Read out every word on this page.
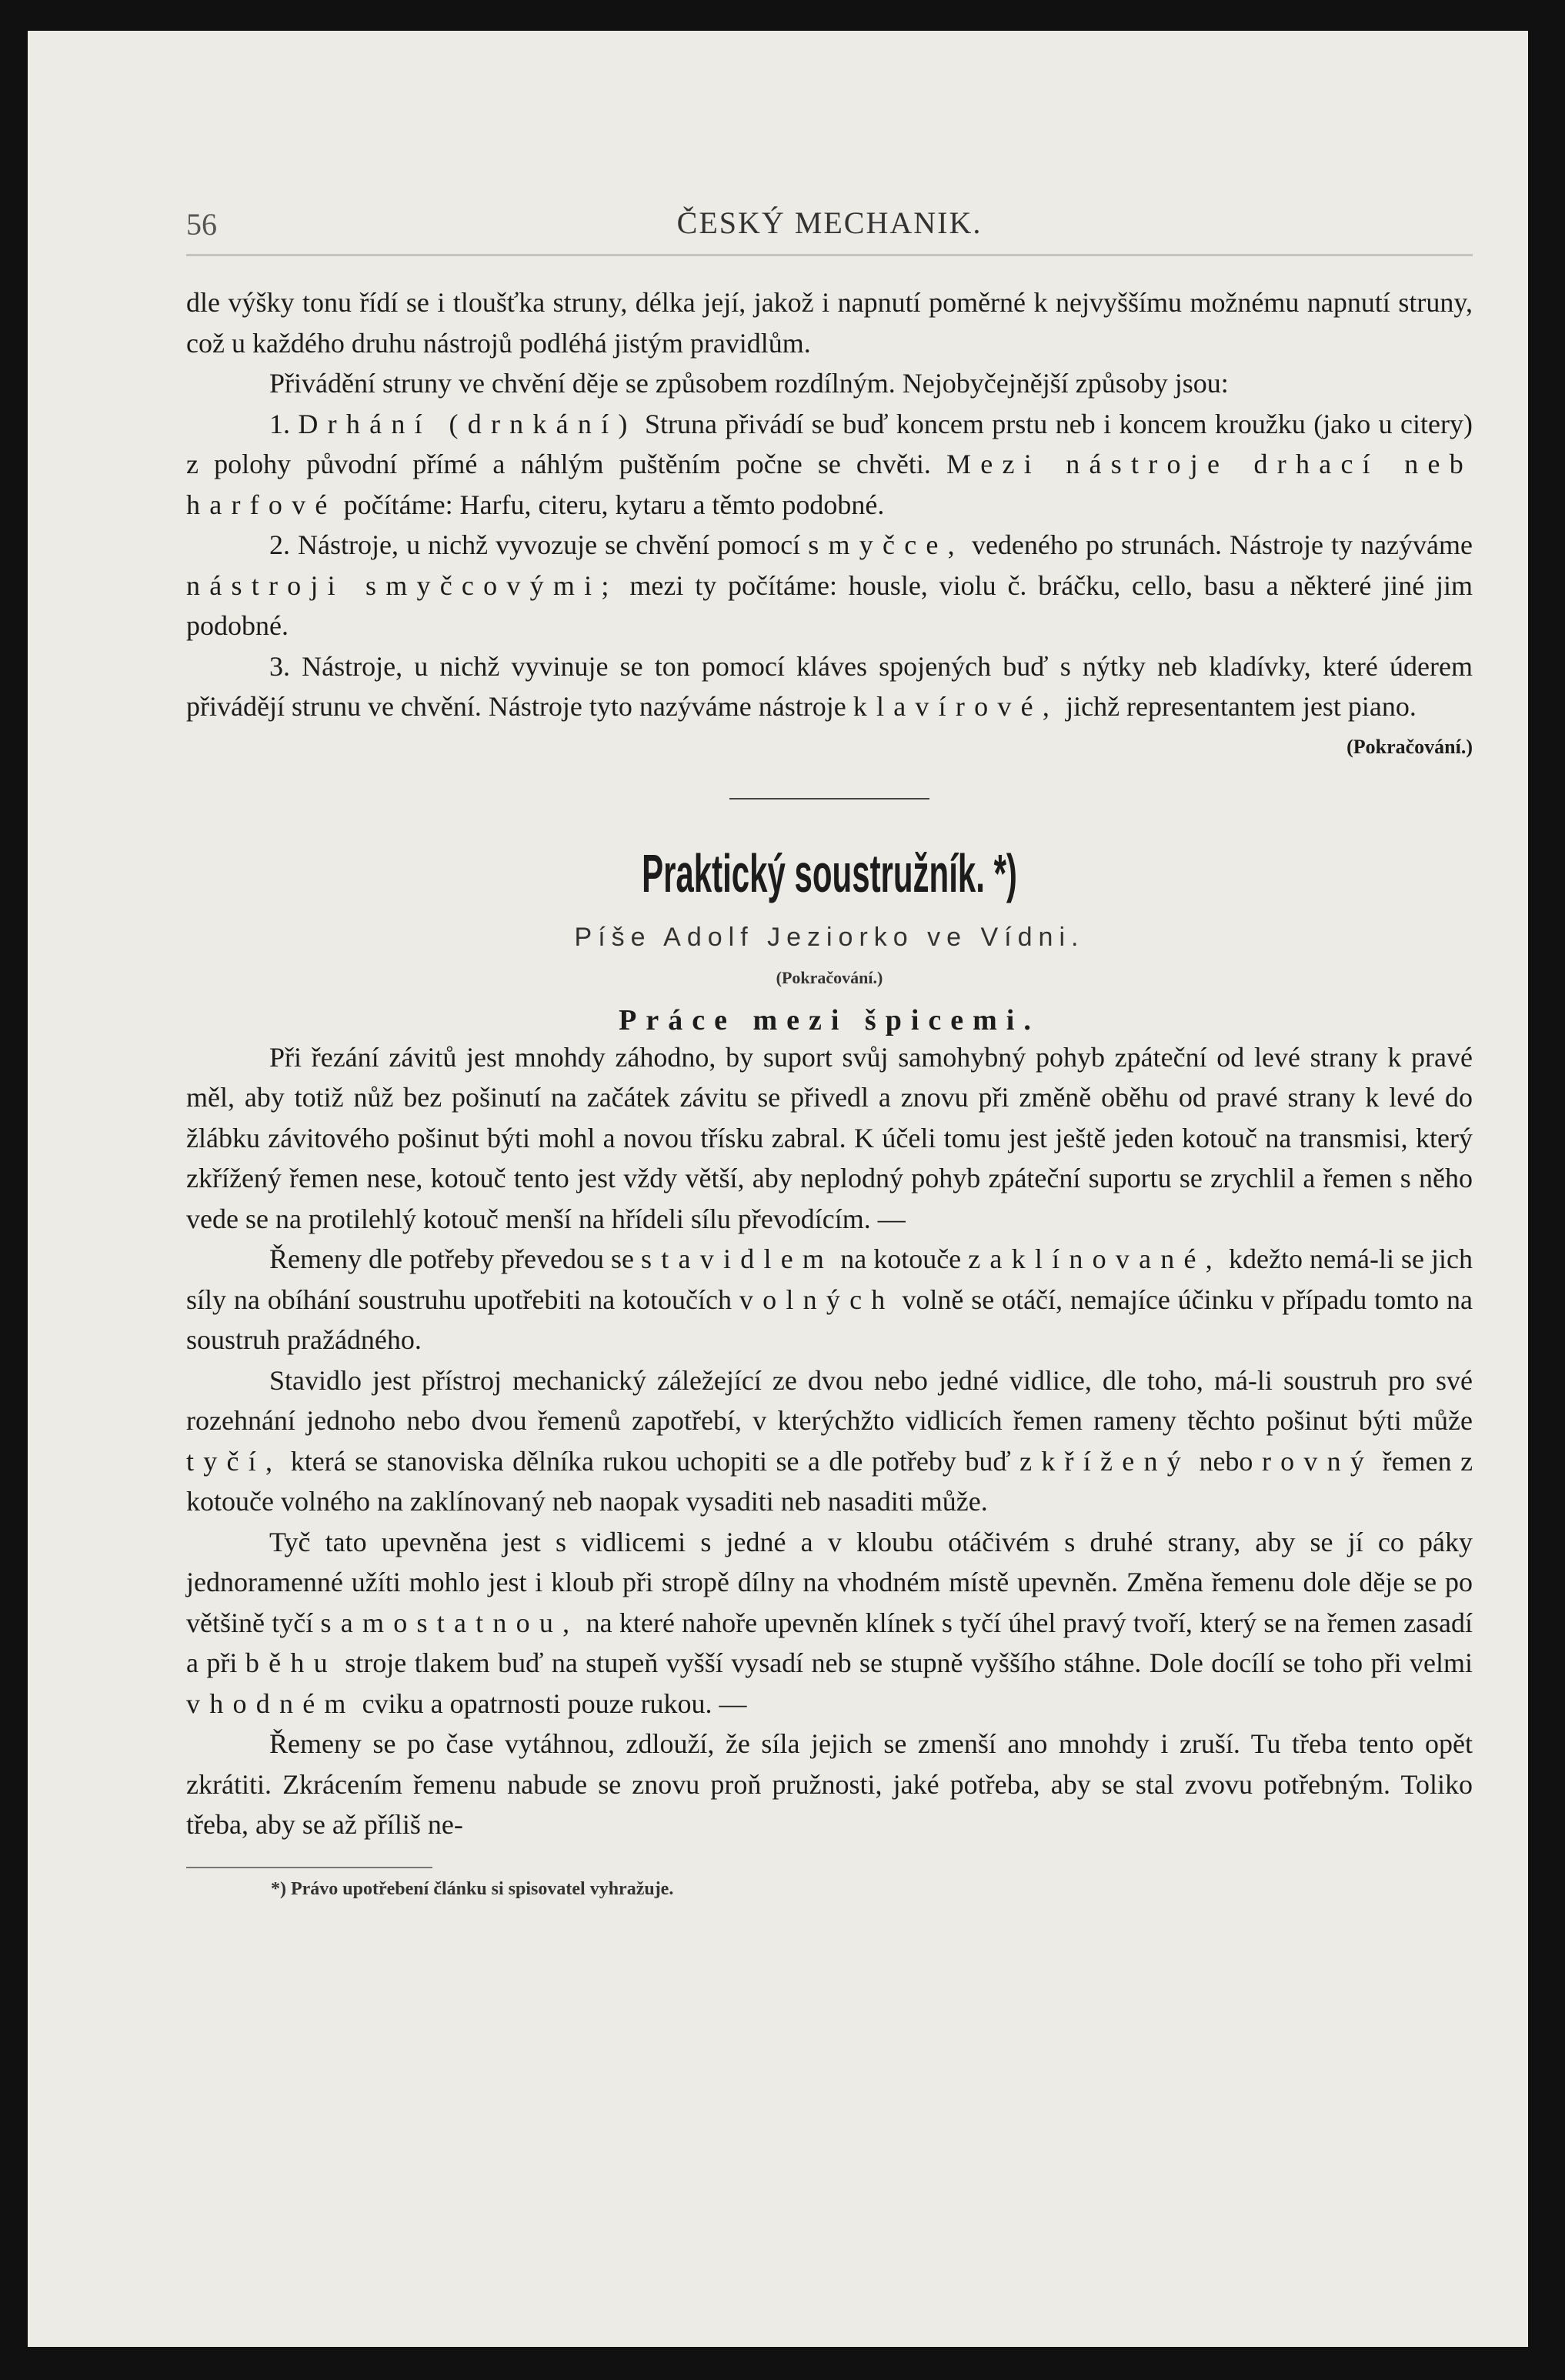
56	ČESKÝ MECHANIK.

dle výšky tonu řídí se i tloušťka struny, délka její, jakož i napnutí poměrné k nejvyššímu možnému napnutí struny, což u každého druhu nástrojů podléhá jistým pravidlům.

Přivádění struny ve chvění děje se způsobem rozdílným. Nejobyčejnější způsoby jsou:

1. Drhání (drnkání) Struna přivádí se buď koncem prstu neb i koncem kroužku (jako u citery) z polohy původní přímé a náhlým puštěním počne se chvěti. Mezi nástroje drhací neb harfové počítáme: Harfu, citeru, kytaru a těmto podobné.

2. Nástroje, u nichž vyvozuje se chvění pomocí smyčce, vedeného po strunách. Nástroje ty nazýváme nástroji smyčcovými; mezi ty počítáme: housle, violu č. bráčku, cello, basu a některé jiné jim podobné.

3. Nástroje, u nichž vyvinuje se ton pomocí kláves spojených buď s nýtky neb kladívky, které úderem přivádějí strunu ve chvění. Nástroje tyto nazýváme nástroje klavírové, jichž representantem jest piano.
(Pokračování.)

Praktický soustružník. *)
Píše Adolf Jeziorko ve Vídni.
(Pokračování.)
Práce mezi špicemi.

Při řezání závitů jest mnohdy záhodno, by suport svůj samohybný pohyb zpáteční od levé strany k pravé měl, aby totiž nůž bez pošinutí na začátek závitu se přivedl a znovu při změně oběhu od pravé strany k levé do žlábku závitového pošinut býti mohl a novou třísku zabral. K účeli tomu jest ještě jeden kotouč na transmisi, který zkřížený řemen nese, kotouč tento jest vždy větší, aby neplodný pohyb zpáteční suportu se zrychlil a řemen s něho vede se na protilehlý kotouč menší na hřídeli sílu převodícím. —

Řemeny dle potřeby převedou se stavidlem na kotouče zaklínované, kdežto nemá-li se jich síly na obíhání soustruhu upotřebiti na kotoučích volných volně se otáčí, nemajíce účinku v případu tomto na soustruh pražádného.

Stavidlo jest přístroj mechanický záležející ze dvou nebo jedné vidlice, dle toho, má-li soustruh pro své rozehnání jednoho nebo dvou řemenů zapotřebí, v kterýchžto vidlicích řemen rameny těchto pošinut býti může tyčí, která se stanoviska dělníka rukou uchopiti se a dle potřeby buď zkřížený nebo rovný řemen z kotouče volného na zaklínovaný neb naopak vysaditi neb nasaditi může.

Tyč tato upevněna jest s vidlicemi s jedné a v kloubu otáčivém s druhé strany, aby se jí co páky jednoramenné užíti mohlo jest i kloub při stropě dílny na vhodném místě upevněn. Změna řemenu dole děje se po většině tyčí samostatnou, na které nahoře upevněn klínek s tyčí úhel pravý tvoří, který se na řemen zasadí a při běhu stroje tlakem buď na stupeň vyšší vysadí neb se stupně vyššího stáhne. Dole docílí se toho při velmi vhodném cviku a opatrnosti pouze rukou. —

Řemeny se po čase vytáhnou, zdlouží, že síla jejich se zmenší ano mnohdy i zruší. Tu třeba tento opět zkrátiti. Zkrácením řemenu nabude se znovu proň pružnosti, jaké potřeba, aby se stal zvovu potřebným. Toliko třeba, aby se až příliš ne-

*) Právo upotřebení článku si spisovatel vyhražuje.
